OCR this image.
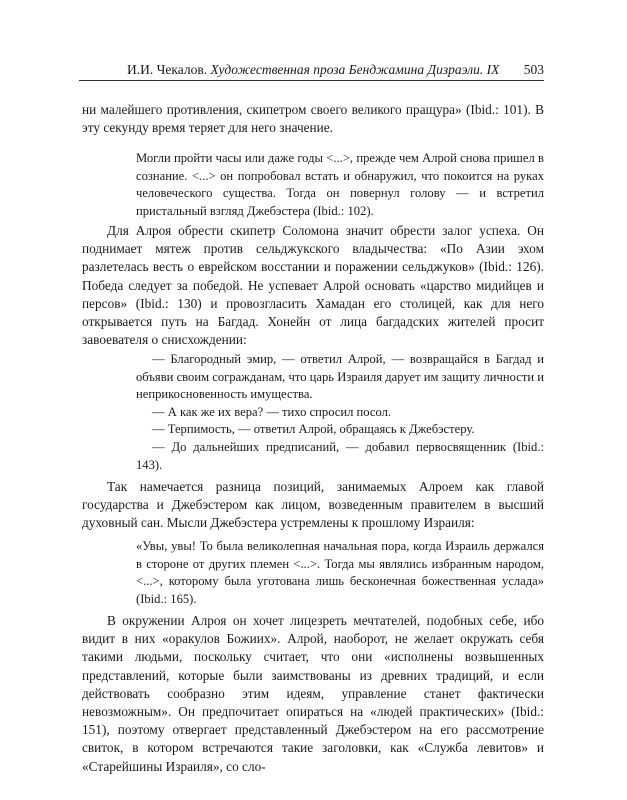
И.И. Чекалов. Художественная проза Бенджамина Дизраэли. IX 503

ни малейшего противления, скипетром своего великого пращура» (Ibid.: 101). В эту секунду время теряет для него значение.

Могли пройти часы или даже годы <...>, прежде чем Алрой снова пришел в сознание. <...> он попробовал встать и обнаружил, что покоится на руках человеческого существа. Тогда он повернул голову — и встретил пристальный взгляд Джебэстера (Ibid.: 102).

Для Алроя обрести скипетр Соломона значит обрести залог успеха. Он поднимает мятеж против сельджукского владычества: «По Азии эхом разлетелась весть о еврейском восстании и поражении сельджуков» (Ibid.: 126). Победа следует за победой. Не успевает Алрой основать «царство мидийцев и персов» (Ibid.: 130) и провозгласить Хамадан его столицей, как для него открывается путь на Багдад. Хонейн от лица багдадских жителей просит завоевателя о снисхождении:

— Благородный эмир, — ответил Алрой, — возвращайся в Багдад и объяви своим согражданам, что царь Израиля дарует им защиту личности и неприкосновенность имущества.
— А как же их вера? — тихо спросил посол.
— Терпимость, — ответил Алрой, обращаясь к Джебэстеру.
— До дальнейших предписаний, — добавил первосвященник (Ibid.: 143).

Так намечается разница позиций, занимаемых Алроем как главой государства и Джебэстером как лицом, возведенным правителем в высший духовный сан. Мысли Джебэстера устремлены к прошлому Израиля:

«Увы, увы! То была великолепная начальная пора, когда Израиль держался в стороне от других племен <...>. Тогда мы являлись избранным народом, <...>, которому была уготована лишь бесконечная божественная услада» (Ibid.: 165).

В окружении Алроя он хочет лицезреть мечтателей, подобных себе, ибо видит в них «оракулов Божиих». Алрой, наоборот, не желает окружать себя такими людьми, поскольку считает, что они «исполнены возвышенных представлений, которые были заимствованы из древних традиций, и если действовать сообразно этим идеям, управление станет фактически невозможным». Он предпочитает опираться на «людей практических» (Ibid.: 151), поэтому отвергает представленный Джебэстером на его рассмотрение свиток, в котором встречаются такие заголовки, как «Служба левитов» и «Старейшины Израиля», со сло-
